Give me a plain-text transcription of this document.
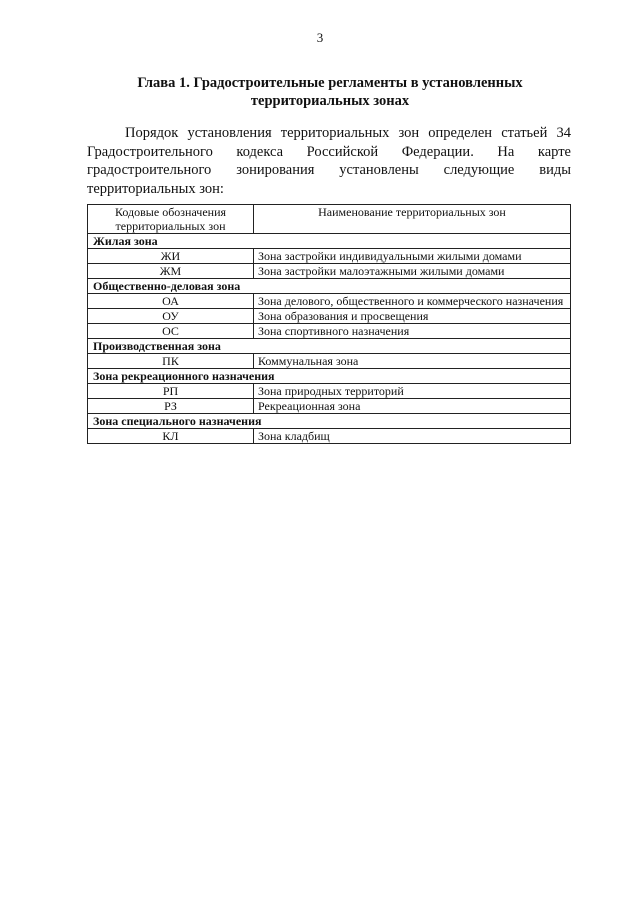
3
Глава 1. Градостроительные регламенты в установленных
территориальных зонах

Порядок установления территориальных зон определен статьей 34 Градостроительного кодекса Российской Федерации. На карте градостроительного зонирования установлены следующие виды территориальных зон:

Кодовые обозначения
территориальных зон	Наименование территориальных зон
Жилая зона	
ЖИ	Зона застройки индивидуальными жилыми домами
ЖМ	Зона застройки малоэтажными жилыми домами
Общественно-деловая зона	
ОА	Зона делового, общественного и коммерческого назначения
ОУ	Зона образования и просвещения
ОС	Зона спортивного назначения
Производственная зона	
ПК	Коммунальная зона
Зона рекреационного назначения	
РП	Зона природных территорий
РЗ	Рекреационная зона
Зона специального назначения	
КЛ	Зона кладбищ
